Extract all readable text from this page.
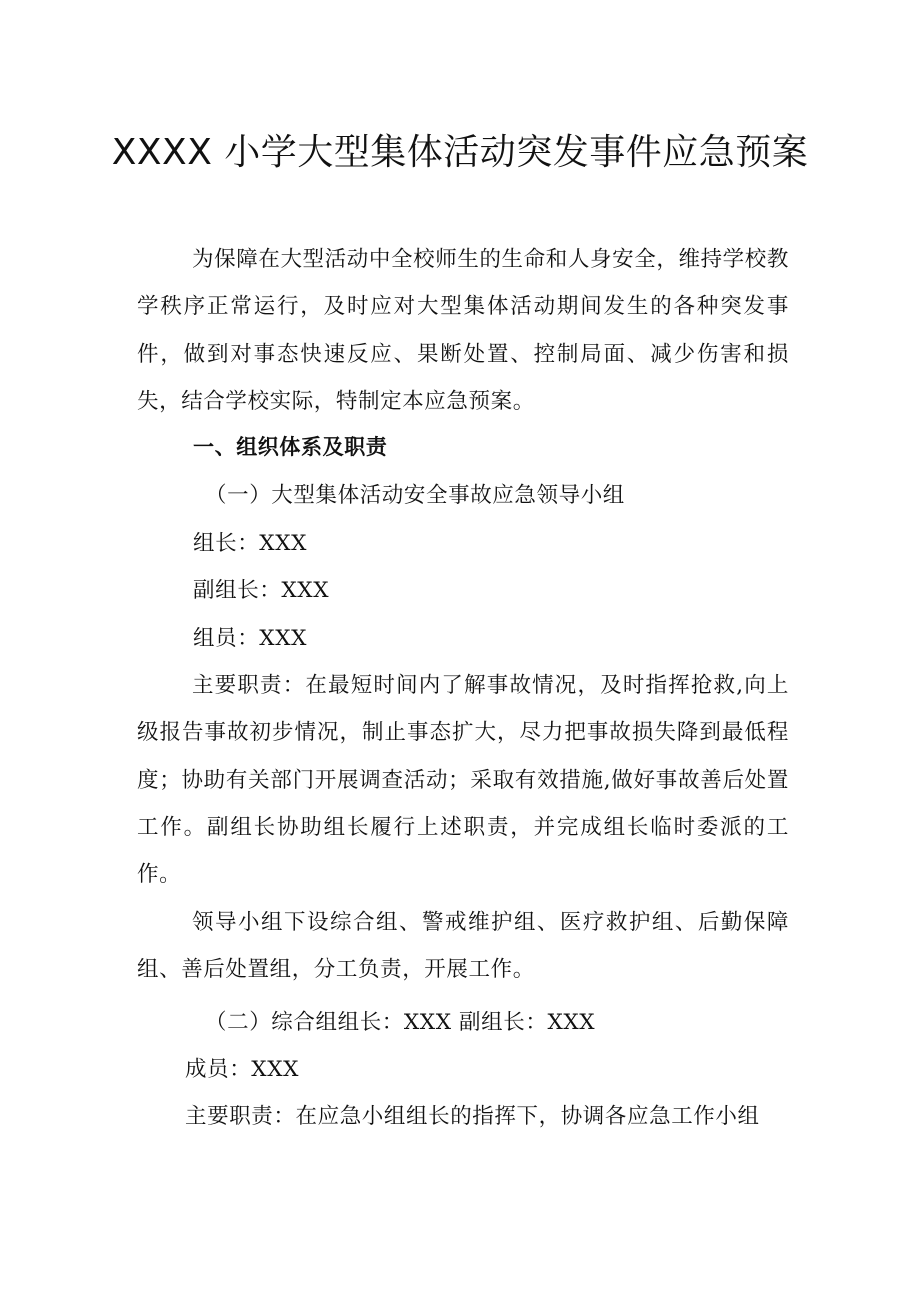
XXXX 小学大型集体活动突发事件应急预案

为保障在大型活动中全校师生的生命和人身安全，维持学校教学秩序正常运行，及时应对大型集体活动期间发生的各种突发事件，做到对事态快速反应、果断处置、控制局面、减少伤害和损失，结合学校实际，特制定本应急预案。

一、组织体系及职责

（一）大型集体活动安全事故应急领导小组

组长：XXX

副组长：XXX

组员：XXX

主要职责：在最短时间内了解事故情况，及时指挥抢救,向上级报告事故初步情况，制止事态扩大，尽力把事故损失降到最低程度；协助有关部门开展调查活动；采取有效措施,做好事故善后处置工作。副组长协助组长履行上述职责，并完成组长临时委派的工作。

领导小组下设综合组、警戒维护组、医疗救护组、后勤保障组、善后处置组，分工负责，开展工作。

（二）综合组组长：XXX 副组长：XXX

成员：XXX

主要职责：在应急小组组长的指挥下，协调各应急工作小组
